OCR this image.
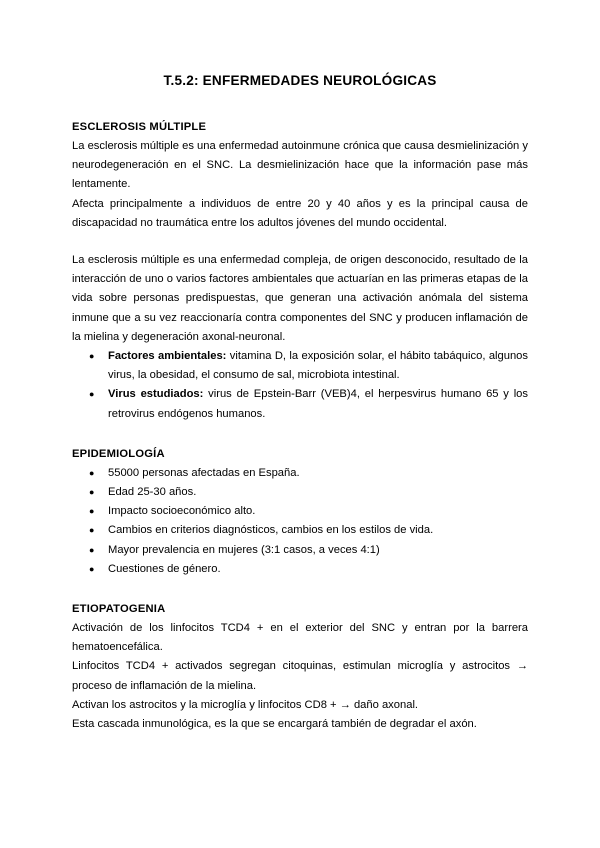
T.5.2: ENFERMEDADES NEUROLÓGICAS
ESCLEROSIS MÚLTIPLE

La esclerosis múltiple es una enfermedad autoinmune crónica que causa desmielinización y neurodegeneración en el SNC. La desmielinización hace que la información pase más lentamente.

Afecta principalmente a individuos de entre 20 y 40 años y es la principal causa de discapacidad no traumática entre los adultos jóvenes del mundo occidental.

La esclerosis múltiple es una enfermedad compleja, de origen desconocido, resultado de la interacción de uno o varios factores ambientales que actuarían en las primeras etapas de la vida sobre personas predispuestas, que generan una activación anómala del sistema inmune que a su vez reaccionaría contra componentes del SNC y producen inflamación de la mielina y degeneración axonal-neuronal.

● Factores ambientales: vitamina D, la exposición solar, el hábito tabáquico, algunos virus, la obesidad, el consumo de sal, microbiota intestinal.
● Virus estudiados: virus de Epstein-Barr (VEB)4, el herpesvirus humano 65 y los retrovirus endógenos humanos.
EPIDEMIOLOGÍA
● 55000 personas afectadas en España.
● Edad 25-30 años.
● Impacto socioeconómico alto.
● Cambios en criterios diagnósticos, cambios en los estilos de vida.
● Mayor prevalencia en mujeres (3:1 casos, a veces 4:1)
● Cuestiones de género.
ETIOPATOGENIA

Activación de los linfocitos TCD4 + en el exterior del SNC y entran por la barrera hematoencefálica.

Linfocitos TCD4 + activados segregan citoquinas, estimulan microglía y astrocitos → proceso de inflamación de la mielina.

Activan los astrocitos y la microglía y linfocitos CD8 + → daño axonal.

Esta cascada inmunológica, es la que se encargará también de degradar el axón.
